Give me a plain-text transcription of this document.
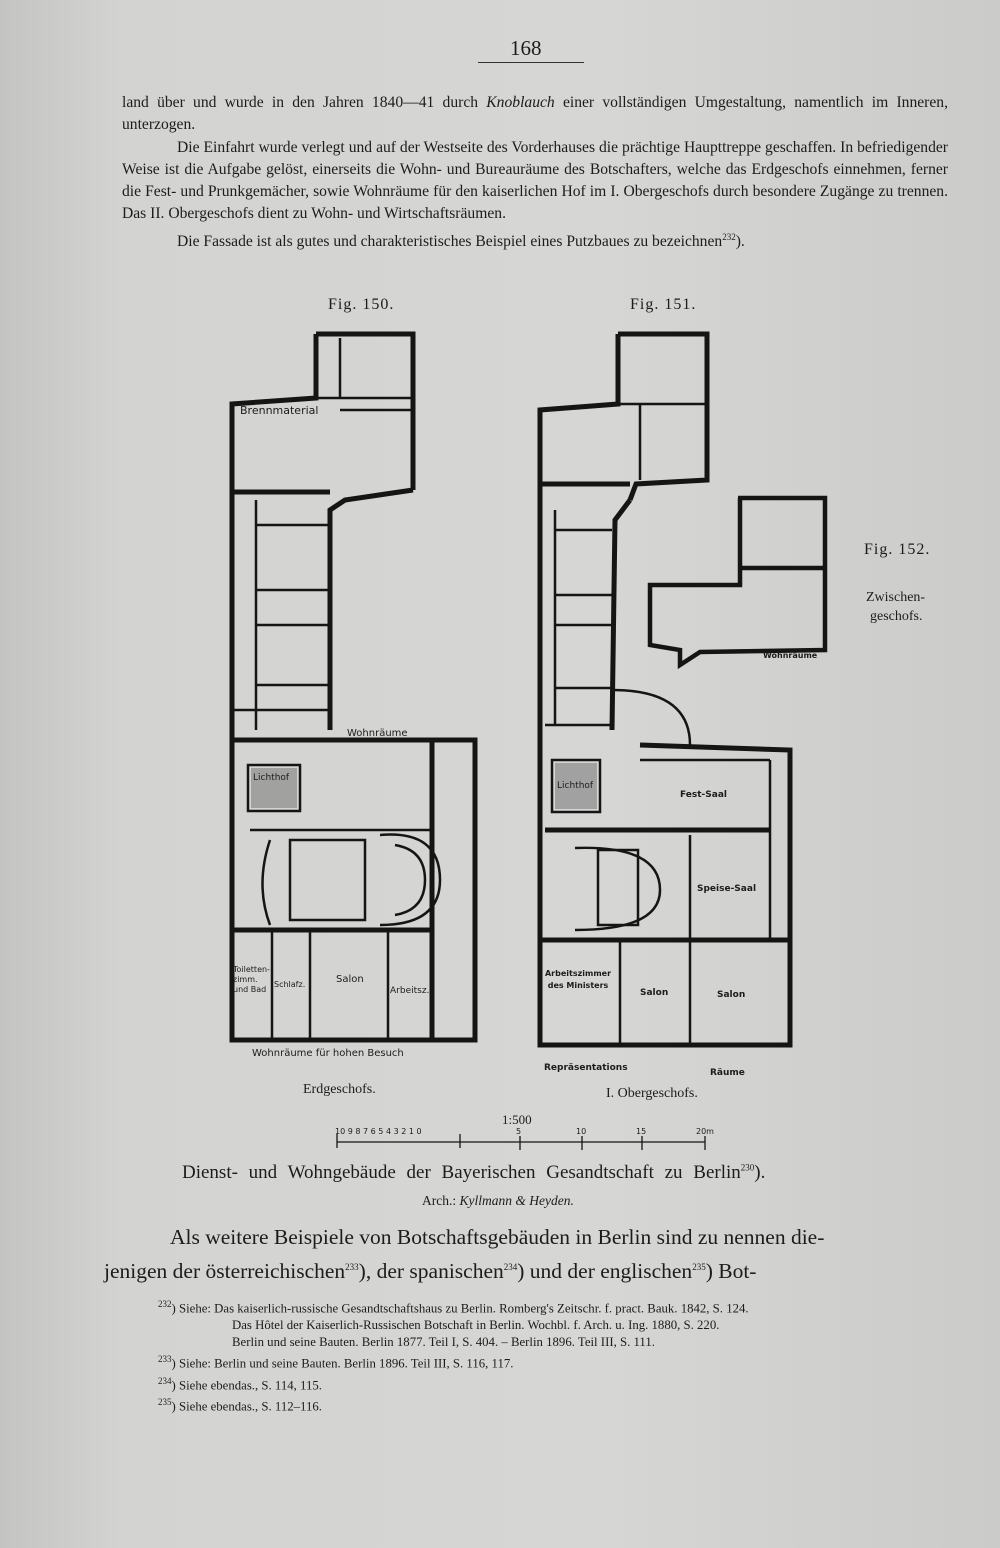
168

land über und wurde in den Jahren 1840—41 durch Knoblauch einer vollständigen Umgestaltung, namentlich im Inneren, unterzogen.

Die Einfahrt wurde verlegt und auf der Westseite des Vorderhauses die prächtige Haupttreppe geschaffen. In befriedigender Weise ist die Aufgabe gelöst, einerseits die Wohn- und Bureauräume des Botschafters, welche das Erdgeschofs einnehmen, ferner die Fest- und Prunkgemächer, sowie Wohnräume für den kaiserlichen Hof im I. Obergeschofs durch besondere Zugänge zu trennen. Das II. Obergeschofs dient zu Wohn- und Wirtschaftsräumen.

Die Fassade ist als gutes und charakteristisches Beispiel eines Putzbaues zu bezeichnen$^{232}$).

Fig. 150.	Fig. 151.
Fig. 152.
Zwischen-
geschofs.
Brennmaterial
Wohnräume
Lichthof
Toiletten-zimm. und Bad
Schlafz.	Salon
Arbeitsz.
Wohnräume für hohen Besuch
Fest-Saal
Speise-Saal
Arbeitszimmer des Ministers
Salon	Salon
Repräsentations	Räume
Lichthof
Wohnräume
Erdgeschofs.	I. Obergeschofs.
1:500
10 9 8 7 6 5 4 3 2 1 0	5	10	15	20m
Dienst- und Wohngebäude der Bayerischen Gesandtschaft zu Berlin$^{230}$).
Arch.: Kyllmann & Heyden.

Als weitere Beispiele von Botschaftsgebäuden in Berlin sind zu nennen die-

jenigen der österreichischen$^{233}$), der spanischen$^{234}$) und der englischen$^{235}$) Bot-
$^{232}$) Siehe: Das kaiserlich-russische Gesandtschaftshaus zu Berlin. Romberg's Zeitschr. f. pract. Bauk. 1842, S. 124.
Das Hôtel der Kaiserlich-Russischen Botschaft in Berlin. Wochbl. f. Arch. u. Ing. 1880, S. 220.
Berlin und seine Bauten. Berlin 1877. Teil I, S. 404. – Berlin 1896. Teil III, S. 111.
$^{233}$) Siehe: Berlin und seine Bauten. Berlin 1896. Teil III, S. 116, 117.
$^{234}$) Siehe ebendas., S. 114, 115.
$^{235}$) Siehe ebendas., S. 112–116.
